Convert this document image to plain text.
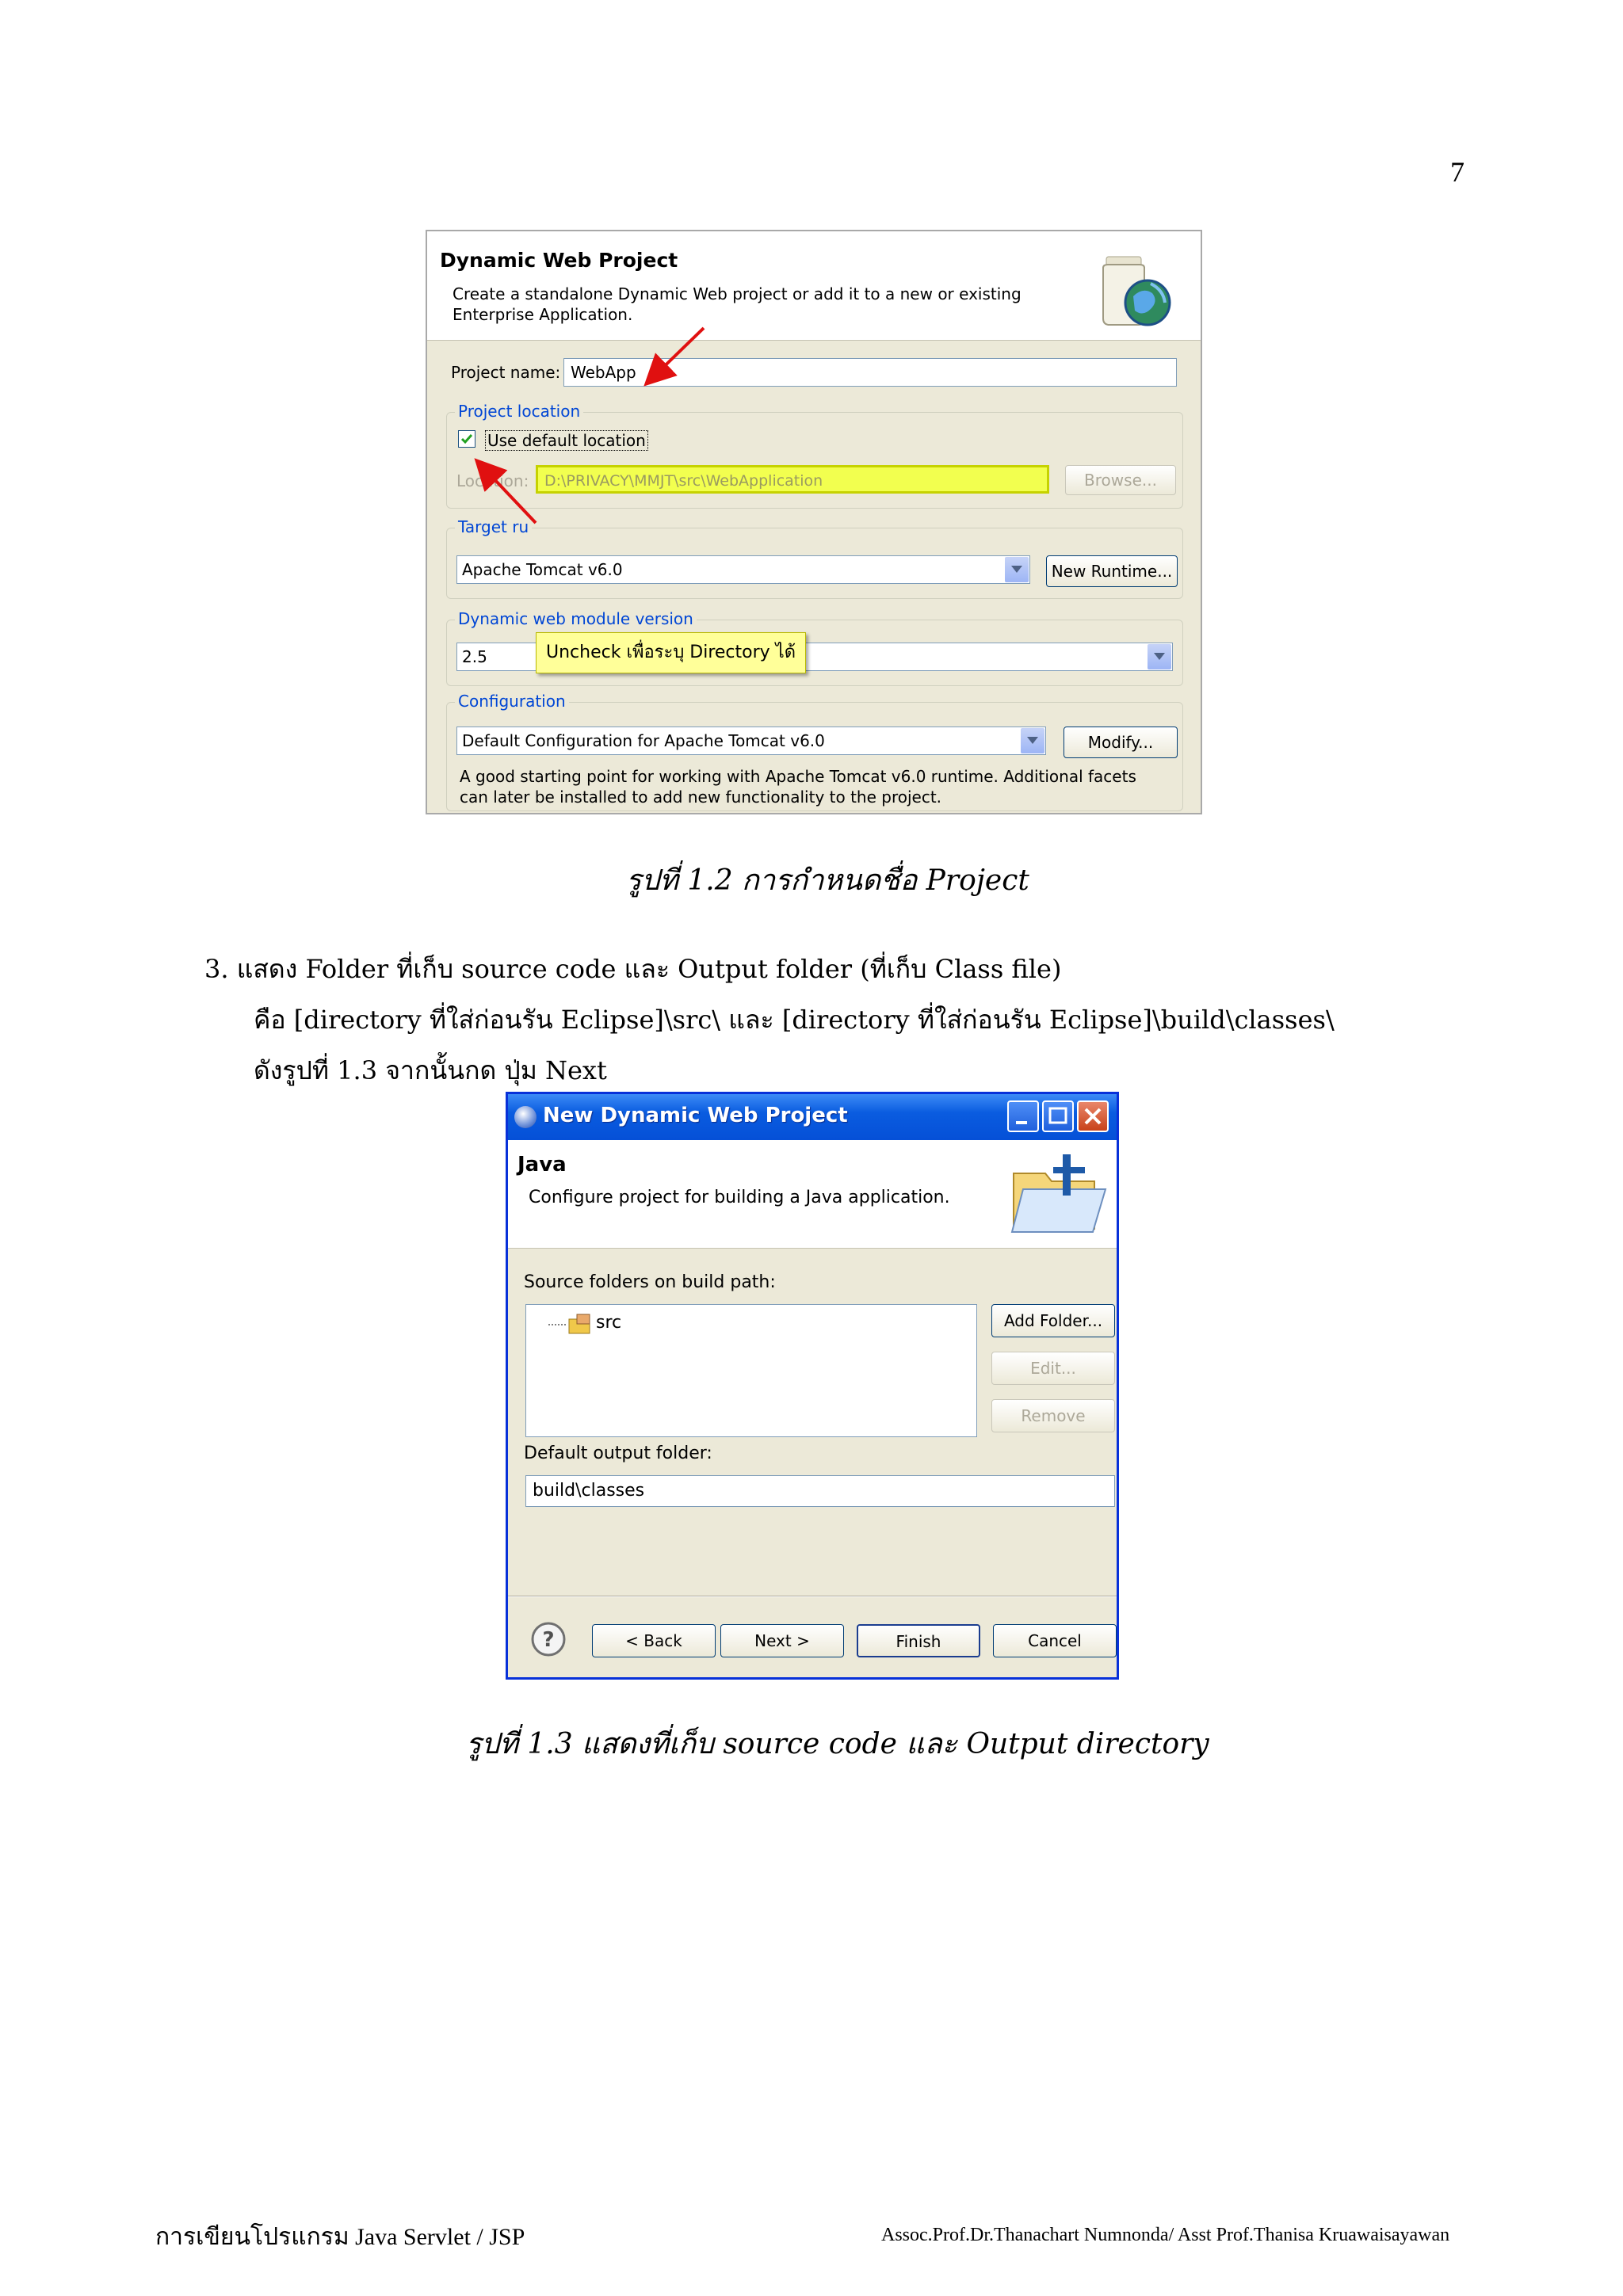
7
Dynamic Web Project
Create a standalone Dynamic Web project or add it to a new or existing Enterprise Application.
Project name: WebApp
Project location
Use default location
Location:	D:\PRIVACY\MMJT\src\WebApplication	Browse...
Target ru
Apache Tomcat v6.0	New Runtime...
Dynamic web module version
2.5
Configuration
Default Configuration for Apache Tomcat v6.0	Modify...
A good starting point for working with Apache Tomcat v6.0 runtime. Additional facets can later be installed to add new functionality to the project.
Uncheck เพื่อระบุ Directory ได้
รูปที่ 1.2 การกำหนดชื่อ Project
3. แสดง Folder ที่เก็บ source code และ Output folder (ที่เก็บ Class file)
คือ [directory ที่ใส่ก่อนรัน Eclipse]\src\ และ [directory ที่ใส่ก่อนรัน Eclipse]\build\classes\
ดังรูปที่ 1.3 จากนั้นกด ปุ่ม Next
New Dynamic Web Project
Java
Configure project for building a Java application.
Source folders on build path:
src	Add Folder...
Edit...
Remove
Default output folder:
build\classes
?	< Back	Next >	Finish	Cancel
รูปที่ 1.3 แสดงที่เก็บ source code และ Output directory
การเขียนโปรแกรม Java Servlet / JSP	Assoc.Prof.Dr.Thanachart Numnonda/ Asst Prof.Thanisa Kruawaisayawan
